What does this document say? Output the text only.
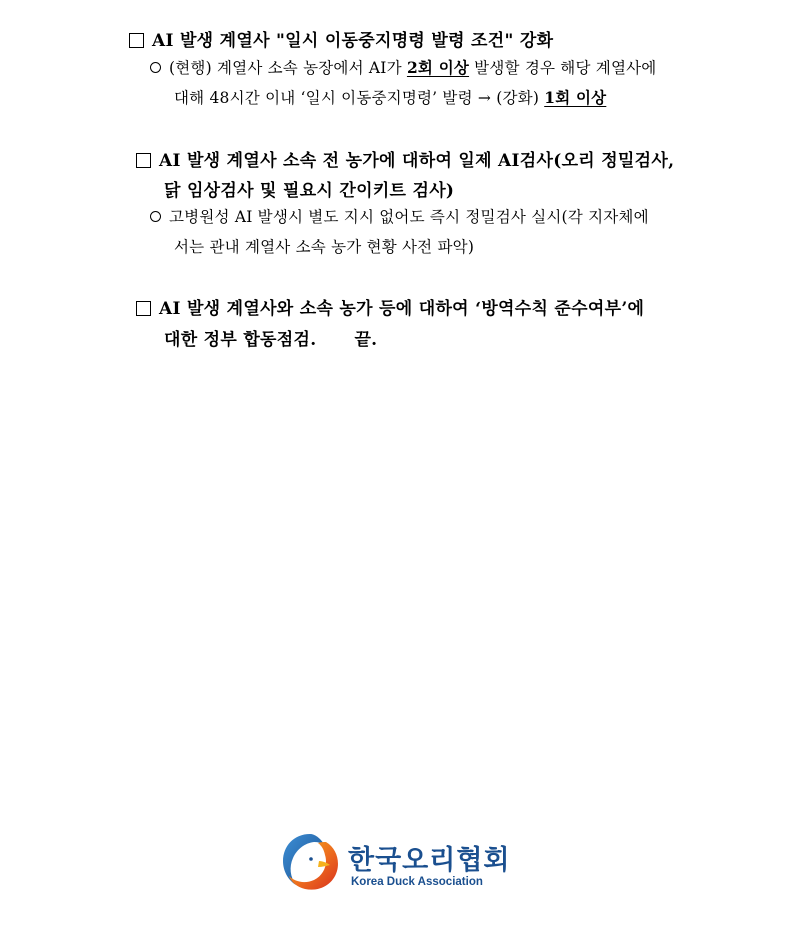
AI 발생 계열사 "일시 이동중지명령 발령 조건" 강화
(현행) 계열사 소속 농장에서 AI가 2회 이상 발생할 경우 해당 계열사에
대해 48시간 이내 ‘일시 이동중지명령’ 발령 → (강화) 1회 이상
AI 발생 계열사 소속 전 농가에 대하여 일제 AI검사(오리 정밀검사,
닭 임상검사 및 필요시 간이키트 검사)
고병원성 AI 발생시 별도 지시 없어도 즉시 정밀검사 실시(각 지자체에
서는 관내 계열사 소속 농가 현황 사전 파악)
AI 발생 계열사와 소속 농가 등에 대하여 ‘방역수칙 준수여부’에
대한 정부 합동점검. 끝.
한국오리협회
Korea Duck Association
